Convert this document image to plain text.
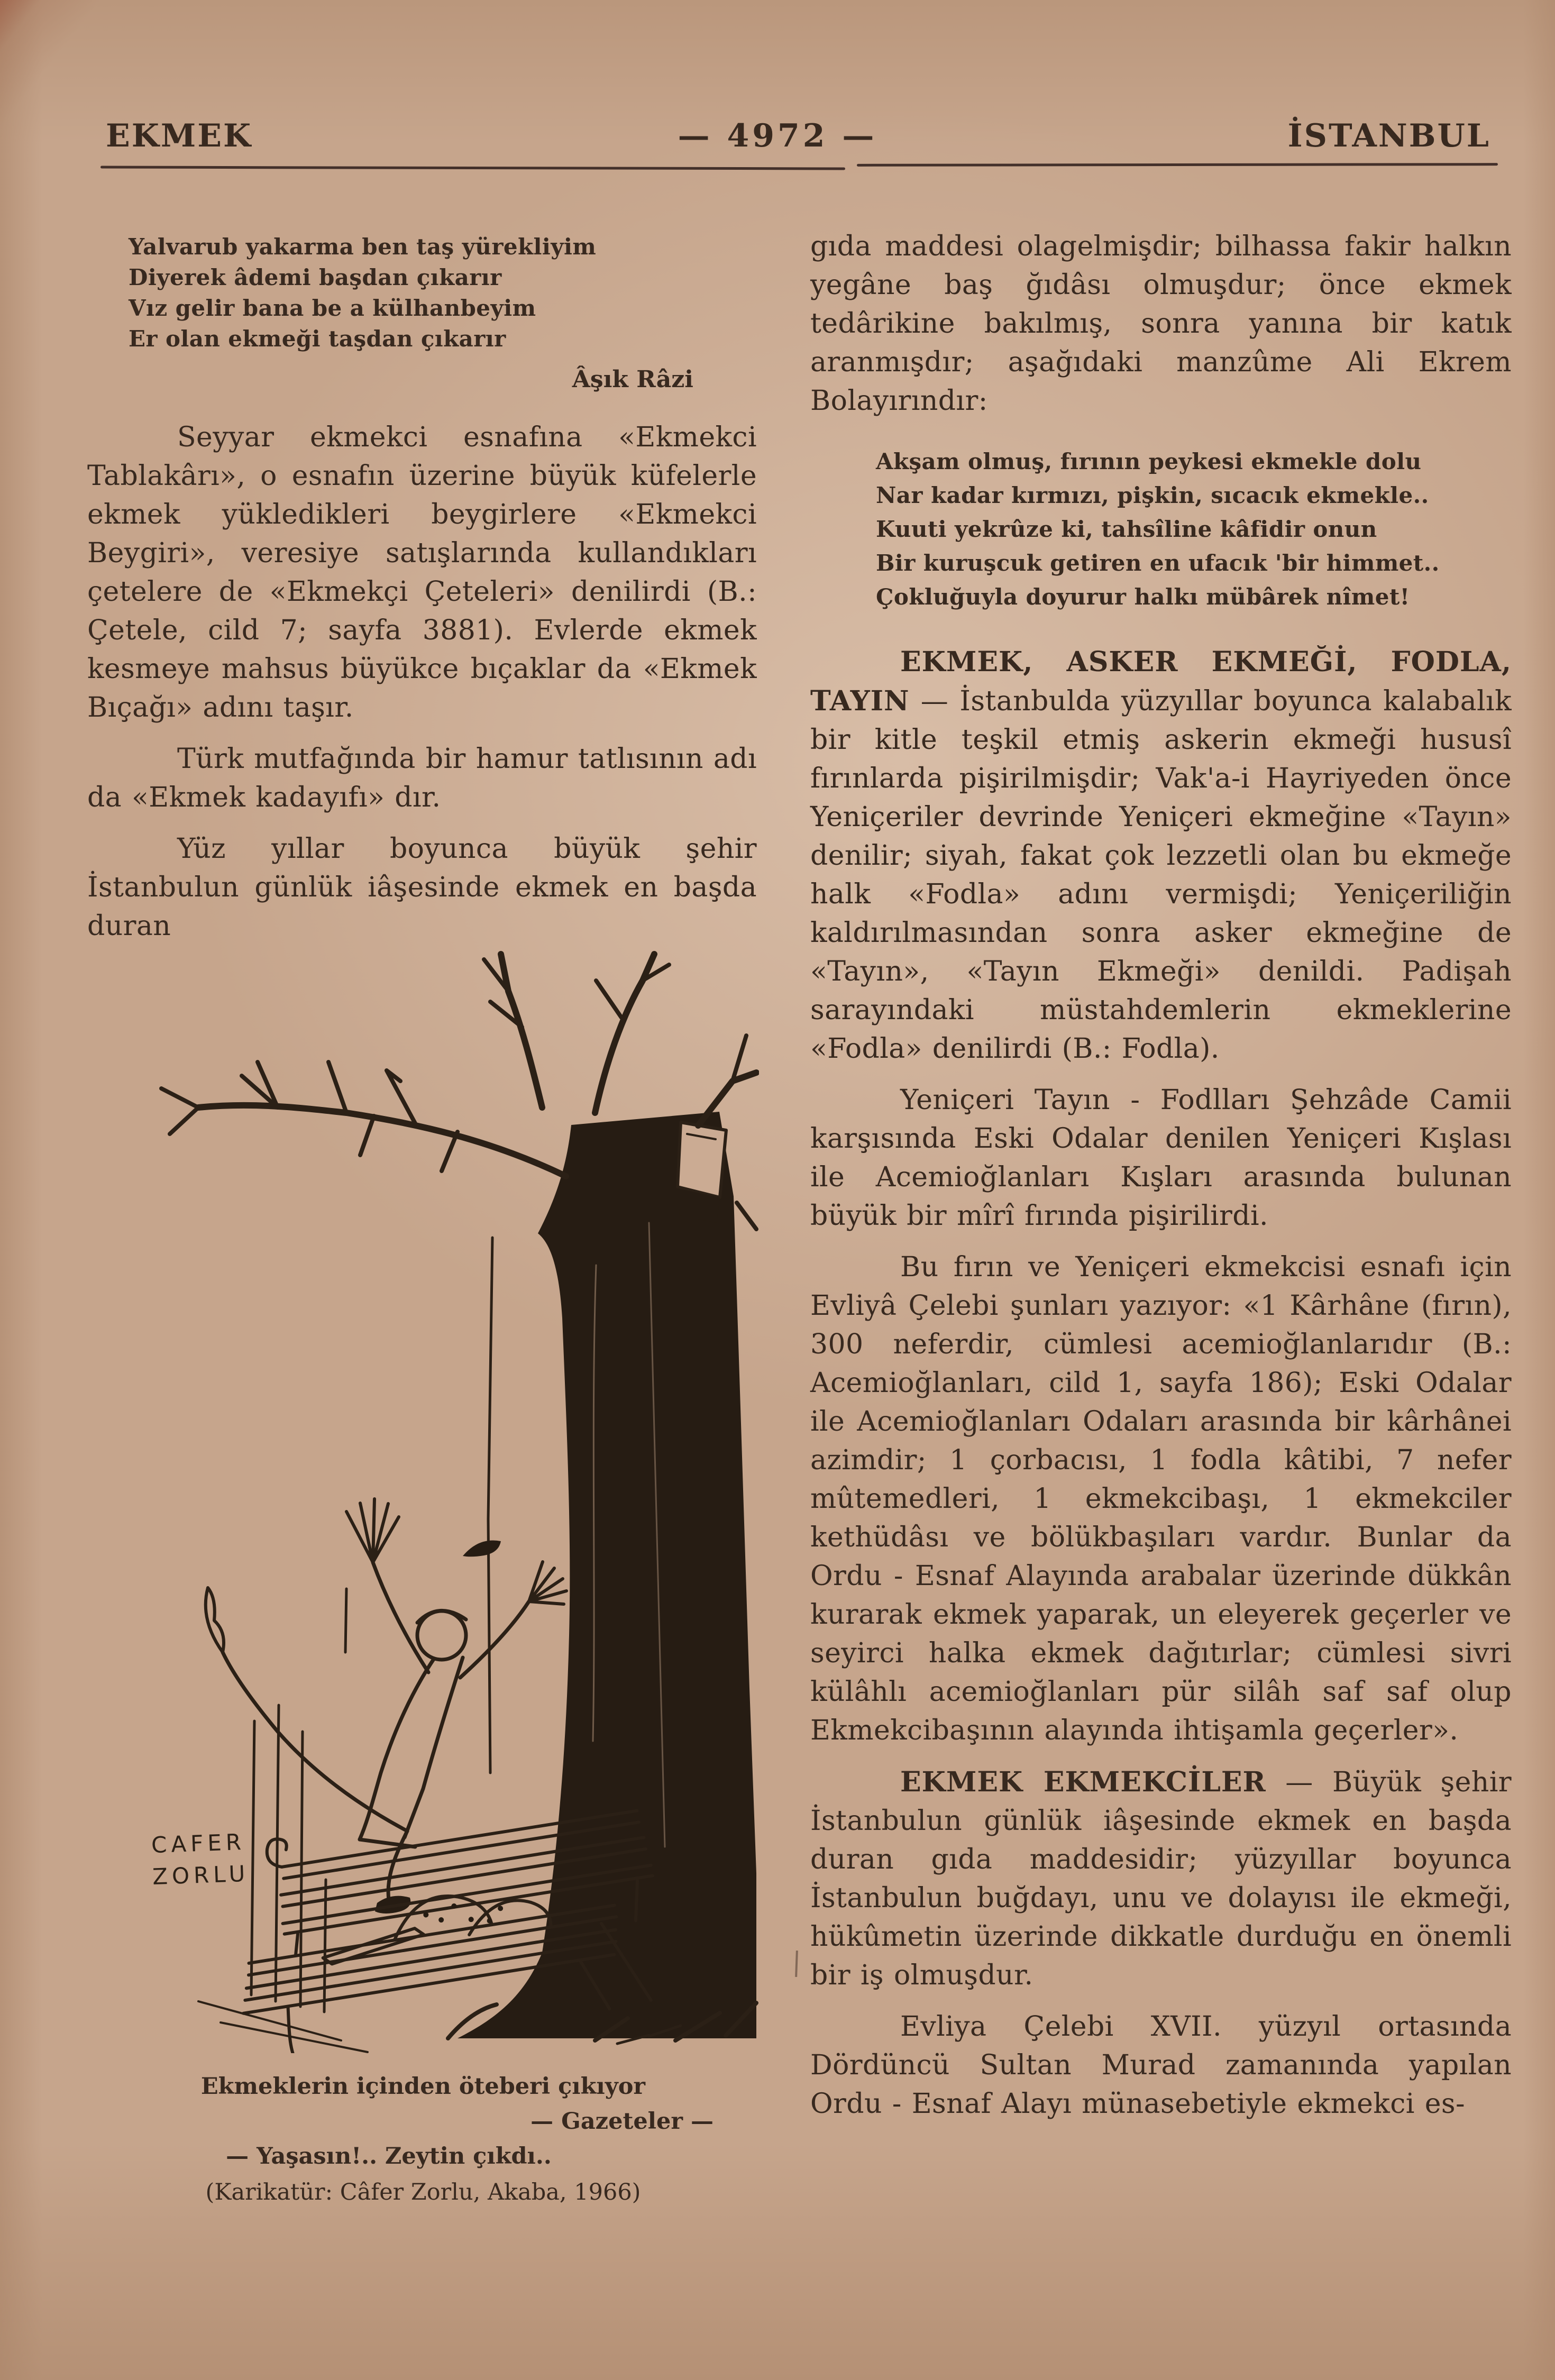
EKMEK	— 4972 —	İSTANBUL
Yalvarub yakarma ben taş yürekliyim
Diyerek âdemi başdan çıkarır
Vız gelir bana be a külhanbeyim
Er olan ekmeği taşdan çıkarır
Âşık Râzi

Seyyar ekmekci esnafına «Ekmekci Tablakârı», o esnafın üzerine büyük küfelerle ekmek yükledikleri beygirlere «Ekmekci Beygiri», veresiye satışlarında kullandıkları çetelere de «Ekmekçi Çeteleri» denilirdi (B.: Çetele, cild 7; sayfa 3881). Evlerde ekmek kesmeye mahsus büyükce bıçaklar da «Ekmek Bıçağı» adını taşır.

Türk mutfağında bir hamur tatlısının adı da «Ekmek kadayıfı» dır.

Yüz yıllar boyunca büyük şehir İstanbulun günlük iâşesinde ekmek en başda duran

gıda maddesi olagelmişdir; bilhassa fakir halkın yegâne baş ğıdâsı olmuşdur; önce ekmek tedârikine bakılmış, sonra yanına bir katık aranmışdır; aşağıdaki manzûme Ali Ekrem Bolayırındır:

Akşam olmuş, fırının peykesi ekmekle dolu
Nar kadar kırmızı, pişkin, sıcacık ekmekle..
Kuuti yekrûze ki, tahsîline kâfidir onun
Bir kuruşcuk getiren en ufacık 'bir himmet..
Çokluğuyla doyurur halkı mübârek nîmet!

EKMEK, ASKER EKMEĞİ, FODLA, TAYIN — İstanbulda yüzyıllar boyunca kalabalık bir kitle teşkil etmiş askerin ekmeği hususî fırınlarda pişirilmişdir; Vak'a-i Hayriyeden önce Yeniçeriler devrinde Yeniçeri ekmeğine «Tayın» denilir; siyah, fakat çok lezzetli olan bu ekmeğe halk «Fodla» adını vermişdi; Yeniçeriliğin kaldırılmasından sonra asker ekmeğine de «Tayın», «Tayın Ekmeği» denildi. Padişah sarayındaki müstahdemlerin ekmeklerine «Fodla» denilirdi (B.: Fodla).

Yeniçeri Tayın - Fodlları Şehzâde Camii karşısında Eski Odalar denilen Yeniçeri Kışlası ile Acemioğlanları Kışları arasında bulunan büyük bir mîrî fırında pişirilirdi.

Bu fırın ve Yeniçeri ekmekcisi esnafı için Evliyâ Çelebi şunları yazıyor: «1 Kârhâne (fırın), 300 neferdir, cümlesi acemioğlanlarıdır (B.: Acemioğlanları, cild 1, sayfa 186); Eski Odalar ile Acemioğlanları Odaları arasında bir kârhânei azimdir; 1 çorbacısı, 1 fodla kâtibi, 7 nefer mûtemedleri, 1 ekmekcibaşı, 1 ekmekciler kethüdâsı ve bölükbaşıları vardır. Bunlar da Ordu - Esnaf Alayında arabalar üzerinde dükkân kurarak ekmek yaparak, un eleyerek geçerler ve seyirci halka ekmek dağıtırlar; cümlesi sivri külâhlı acemioğlanları pür silâh saf saf olup Ekmekcibaşının alayında ihtişamla geçerler».

EKMEK EKMEKCİLER — Büyük şehir İstanbulun günlük iâşesinde ekmek en başda duran gıda maddesidir; yüzyıllar boyunca İstanbulun buğdayı, unu ve dolayısı ile ekmeği, hükûmetin üzerinde dikkatle durduğu en önemli bir iş olmuşdur.

Evliya Çelebi XVII. yüzyıl ortasında Dördüncü Sultan Murad zamanında yapılan Ordu - Esnaf Alayı münasebetiyle ekmekci es-

CAFER
ZORLU
Ekmeklerin içinden öteberi çıkıyor
— Gazeteler —
— Yaşasın!.. Zeytin çıkdı..
(Karikatür: Câfer Zorlu, Akaba, 1966)
